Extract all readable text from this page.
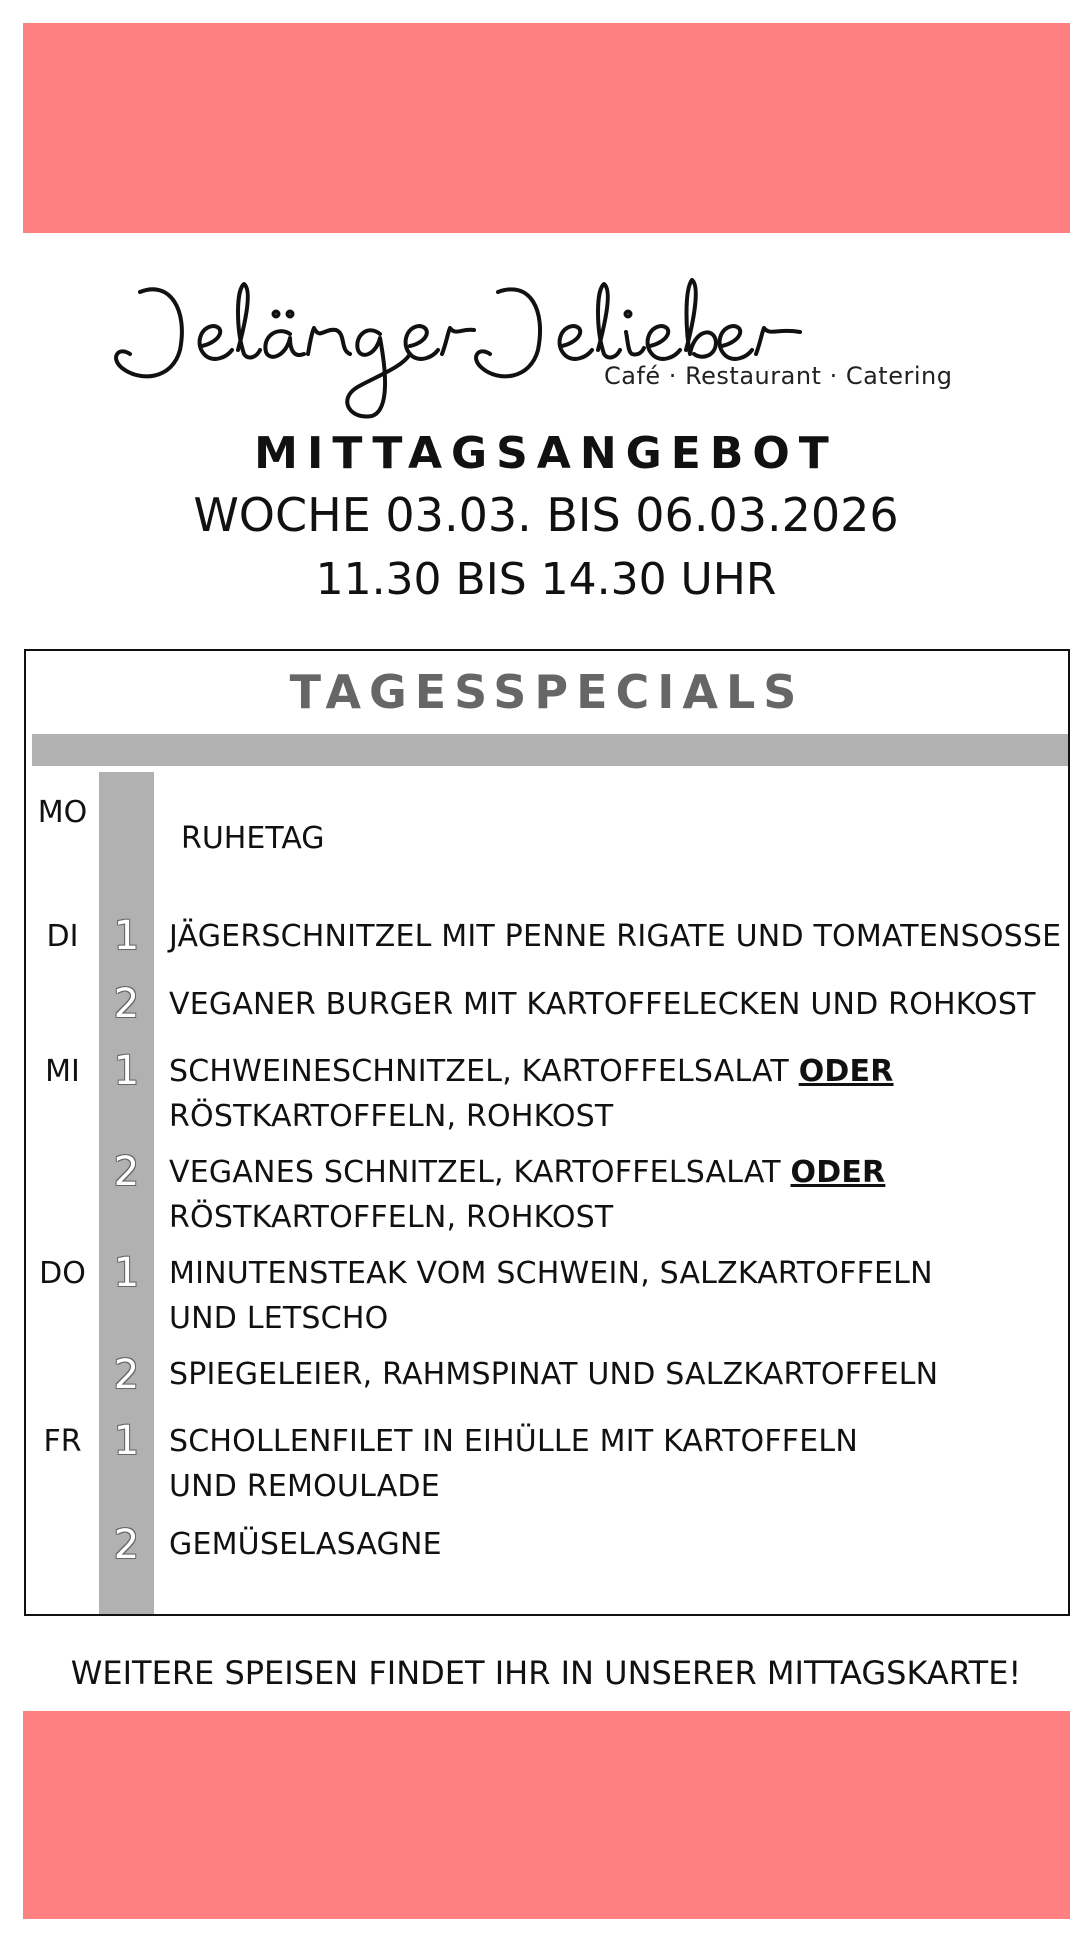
Café · Restaurant · Catering
MITTAGSANGEBOT
WOCHE 03.03. BIS 06.03.2026
11.30 BIS 14.30 UHR
TAGESSPECIALS
MO
RUHETAG
DI 1 JÄGERSCHNITZEL MIT PENNE RIGATE UND TOMATENSOSSE
2 VEGANER BURGER MIT KARTOFFELECKEN UND ROHKOST
MI 1 SCHWEINESCHNITZEL, KARTOFFELSALAT ODER
RÖSTKARTOFFELN, ROHKOST
2 VEGANES SCHNITZEL, KARTOFFELSALAT ODER
RÖSTKARTOFFELN, ROHKOST
DO 1 MINUTENSTEAK VOM SCHWEIN, SALZKARTOFFELN
UND LETSCHO
2 SPIEGELEIER, RAHMSPINAT UND SALZKARTOFFELN
FR 1 SCHOLLENFILET IN EIHÜLLE MIT KARTOFFELN
UND REMOULADE
2 GEMÜSELASAGNE
WEITERE SPEISEN FINDET IHR IN UNSERER MITTAGSKARTE!
